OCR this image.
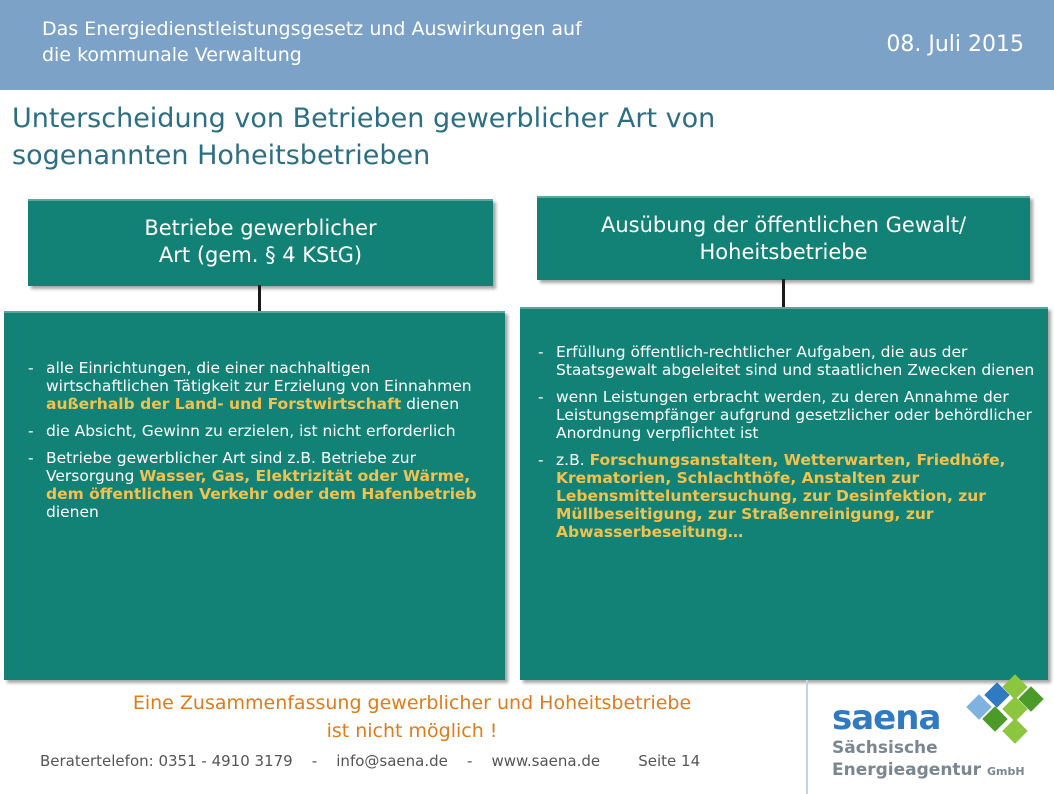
Das Energiedienstleistungsgesetz und Auswirkungen auf
die kommunale Verwaltung	08. Juli 2015
Unterscheidung von Betrieben gewerblicher Art von
sogenannten Hoheitsbetrieben
Betriebe gewerblicher
Art (gem. § 4 KStG)
- alle Einrichtungen, die einer nachhaltigen wirtschaftlichen Tätigkeit zur Erzielung von Einnahmen außerhalb der Land- und Forstwirtschaft dienen
- die Absicht, Gewinn zu erzielen, ist nicht erforderlich
- Betriebe gewerblicher Art sind z.B. Betriebe zur Versorgung Wasser, Gas, Elektrizität oder Wärme, dem öffentlichen Verkehr oder dem Hafenbetrieb dienen
Ausübung der öffentlichen Gewalt/
Hoheitsbetriebe
- Erfüllung öffentlich-rechtlicher Aufgaben, die aus der Staatsgewalt abgeleitet sind und staatlichen Zwecken dienen
- wenn Leistungen erbracht werden, zu deren Annahme der Leistungsempfänger aufgrund gesetzlicher oder behördlicher Anordnung verpflichtet ist
- z.B. Forschungsanstalten, Wetterwarten, Friedhöfe, Krematorien, Schlachthöfe, Anstalten zur Lebensmitteluntersuchung, zur Desinfektion, zur Müllbeseitigung, zur Straßenreinigung, zur Abwasserbeseitung…
Eine Zusammenfassung gewerblicher und Hoheitsbetriebe
ist nicht möglich !
Beratertelefon: 0351 - 4910 3179 - info@saena.de - www.saena.de	Seite 14
saena
Sächsische
Energieagentur GmbH
